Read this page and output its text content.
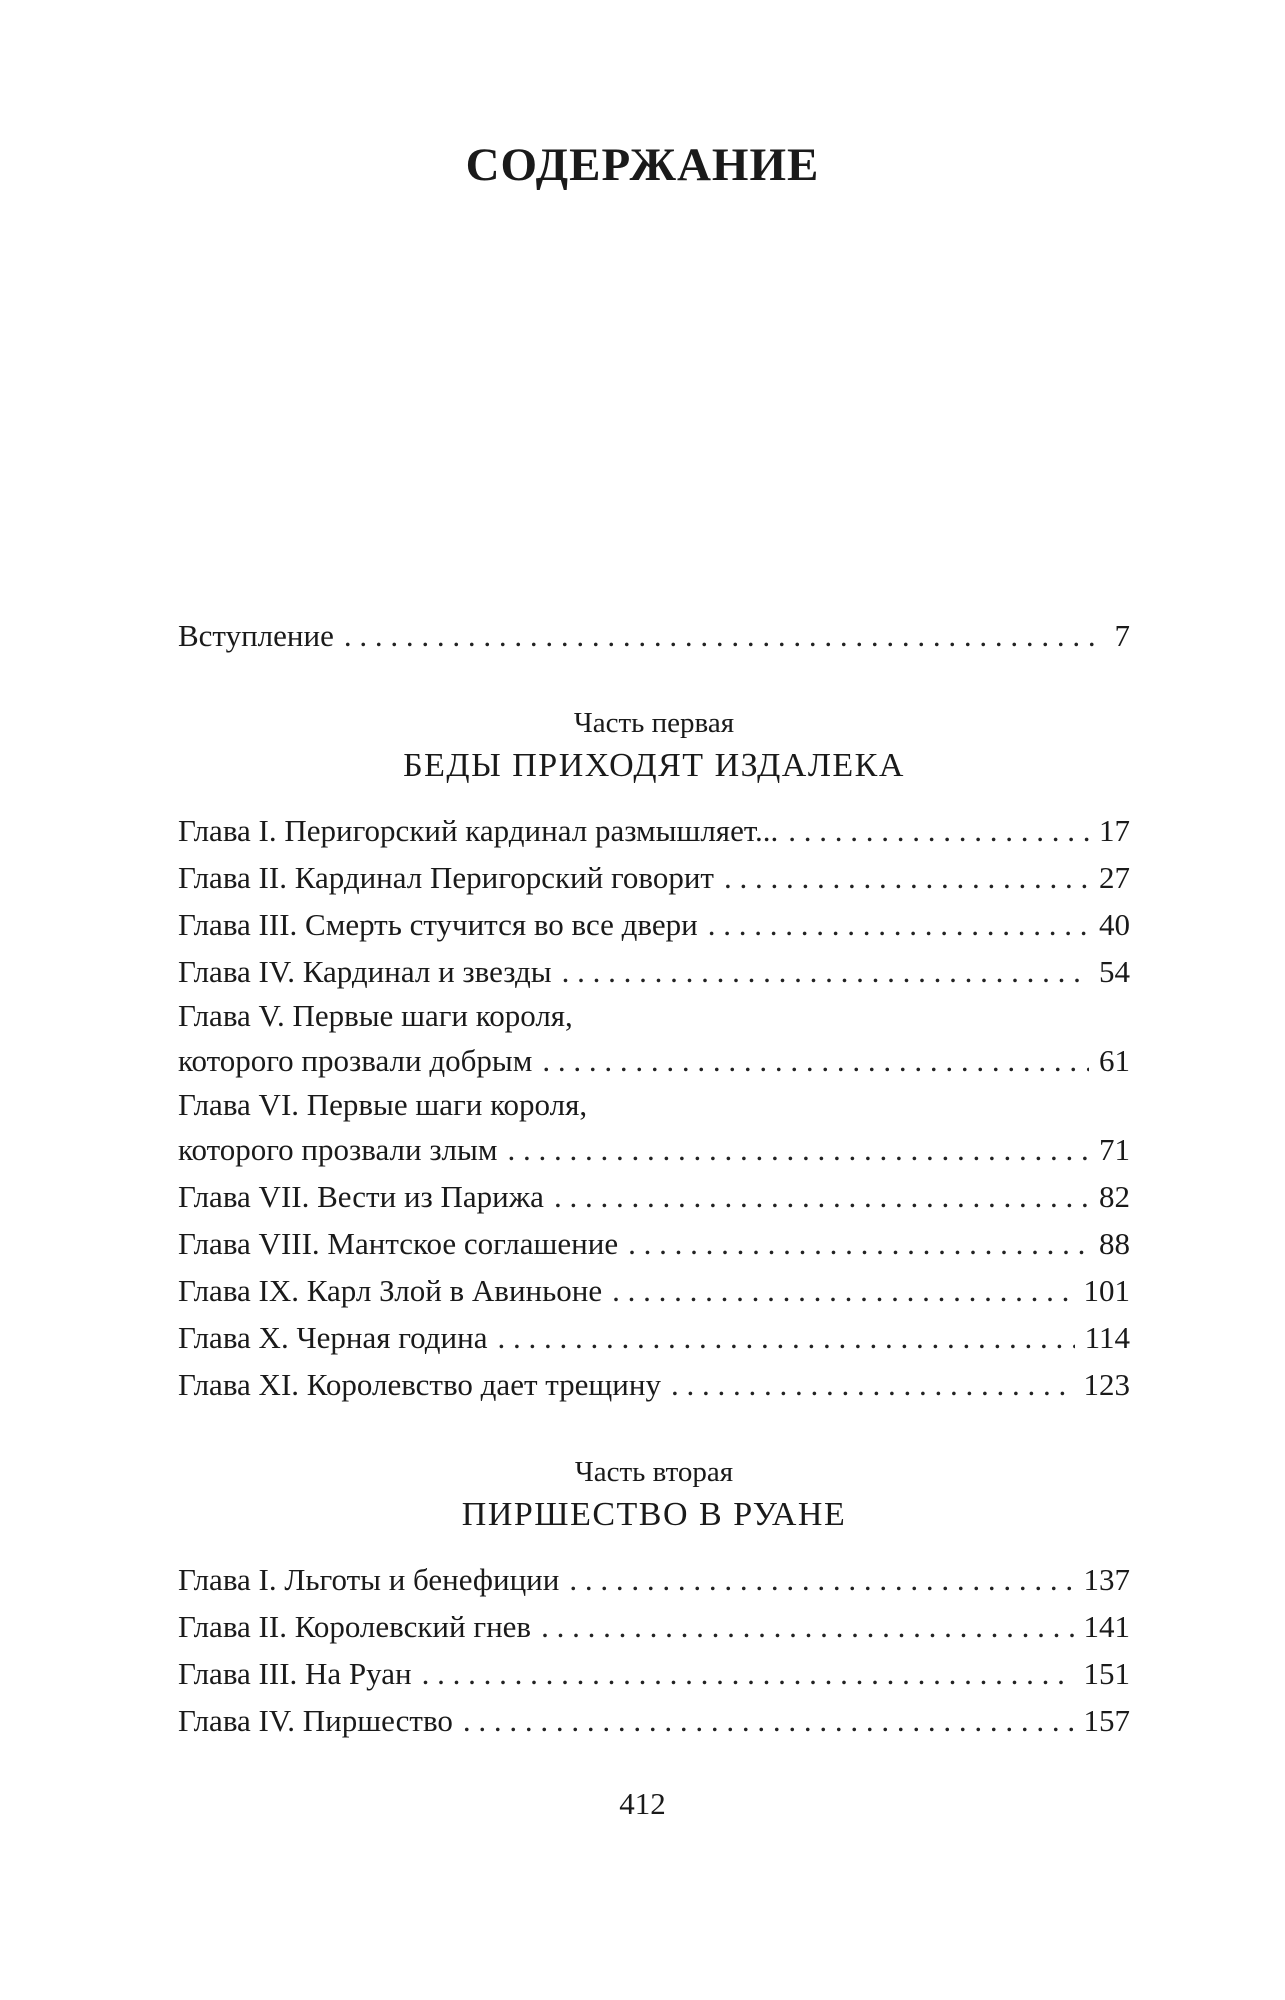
СОДЕРЖАНИЕ
Вступление . . .	7
Часть первая
БЕДЫ ПРИХОДЯТ ИЗДАЛЕКА
Глава I. Перигорский кардинал размышляет... . . .	17
Глава II. Кардинал Перигорский говорит . . .	27
Глава III. Смерть стучится во все двери . . .	40
Глава IV. Кардинал и звезды . . .	54
Глава V. Первые шаги короля,
которого прозвали добрым . . .	61
Глава VI. Первые шаги короля,
которого прозвали злым . . .	71
Глава VII. Вести из Парижа . . .	82
Глава VIII. Мантское соглашение . . .	88
Глава IX. Карл Злой в Авиньоне . . .	101
Глава X. Черная година . . .	114
Глава XI. Королевство дает трещину . . .	123
Часть вторая
ПИРШЕСТВО В РУАНЕ
Глава I. Льготы и бенефиции . . .	137
Глава II. Королевский гнев . . .	141
Глава III. На Руан . . .	151
Глава IV. Пиршество . . .	157
412
